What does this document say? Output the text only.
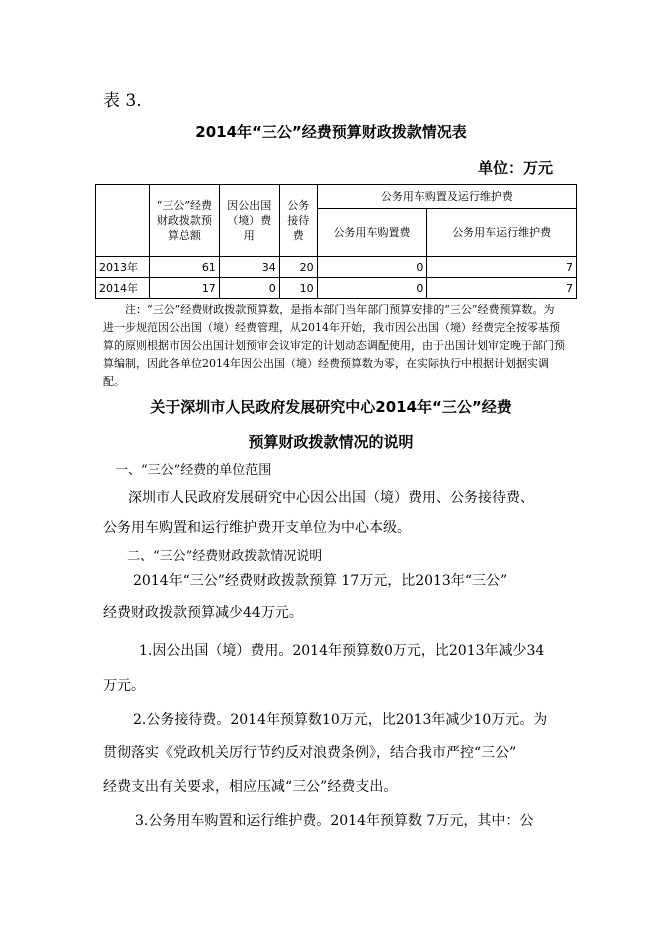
表 3.
2014年“三公”经费预算财政拨款情况表
单位：万元
	“三公”经费财政拨款预算总额	因公出国（境）费用	公务接待费	公务用车购置及运行维护费	
				公务用车购置费	公务用车运行维护费
2013年	61	34	20	0	7
2014年	17	0	10	0	7
注：“三公”经费财政拨款预算数，是指本部门当年部门预算安排的“三公”经费预算数。为进一步规范因公出国（境）经费管理，从2014年开始，我市因公出国（境）经费完全按零基预算的原则根据市因公出国计划预审会议审定的计划动态调配使用，由于出国计划审定晚于部门预算编制，因此各单位2014年因公出国（境）经费预算数为零，在实际执行中根据计划据实调配。
关于深圳市人民政府发展研究中心2014年“三公”经费
预算财政拨款情况的说明
一、“三公”经费的单位范围
深圳市人民政府发展研究中心因公出国（境）费用、公务接待费、
公务用车购置和运行维护费开支单位为中心本级。
二、“三公”经费财政拨款情况说明
2014年“三公”经费财政拨款预算 17万元，比2013年“三公”
经费财政拨款预算减少44万元。
1.因公出国（境）费用。2014年预算数0万元，比2013年减少34
万元。
2.公务接待费。2014年预算数10万元，比2013年减少10万元。为
贯彻落实《党政机关厉行节约反对浪费条例》，结合我市严控“三公”
经费支出有关要求，相应压减“三公”经费支出。
3.公务用车购置和运行维护费。2014年预算数 7万元，其中：公
